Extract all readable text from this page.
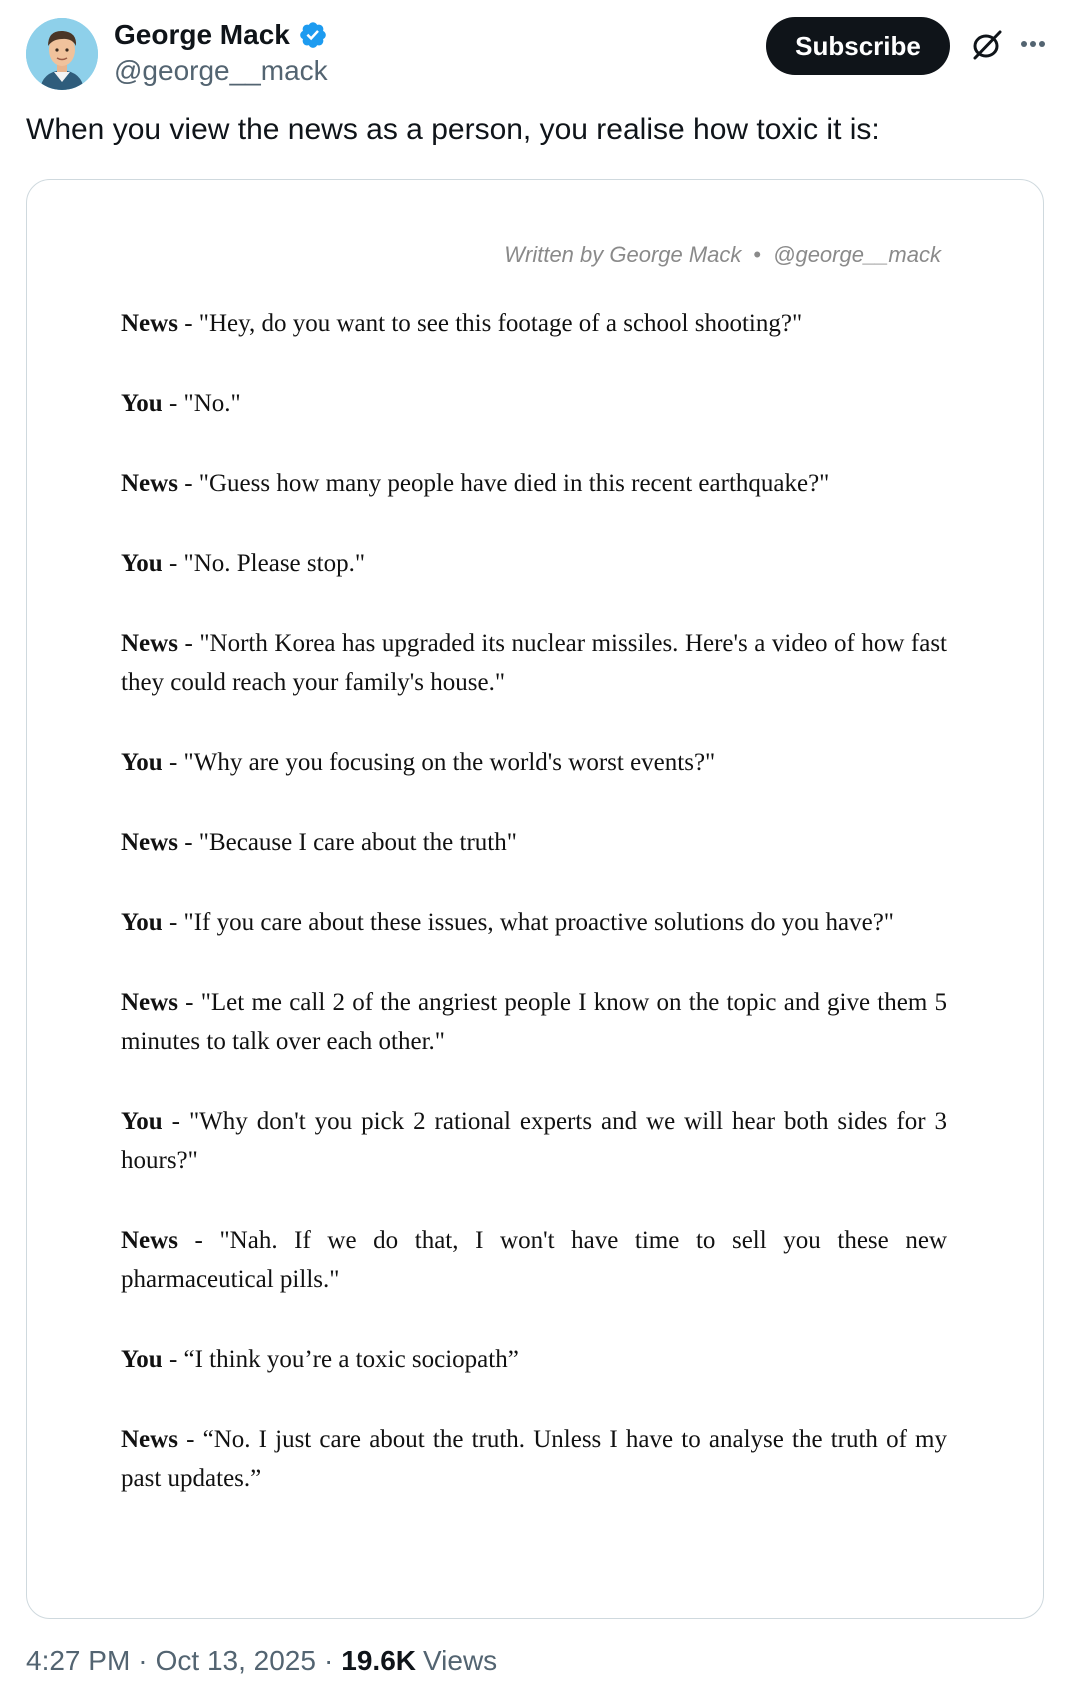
George Mack
@george__mack
Subscribe
When you view the news as a person, you realise how toxic it is:
Written by George Mack • @george__mack

News - "Hey, do you want to see this footage of a school shooting?"

You - "No."

News - "Guess how many people have died in this recent earthquake?"

You - "No. Please stop."

News - "North Korea has upgraded its nuclear missiles. Here's a video of how fast they could reach your family's house."

You - "Why are you focusing on the world's worst events?"

News - "Because I care about the truth"

You - "If you care about these issues, what proactive solutions do you have?"

News - "Let me call 2 of the angriest people I know on the topic and give them 5 minutes to talk over each other."

You - "Why don't you pick 2 rational experts and we will hear both sides for 3 hours?"

News - "Nah. If we do that, I won't have time to sell you these new pharmaceutical pills."

You - “I think you’re a toxic sociopath”

News - “No. I just care about the truth. Unless I have to analyse the truth of my past updates.”

4:27 PM · Oct 13, 2025 · 19.6K Views
